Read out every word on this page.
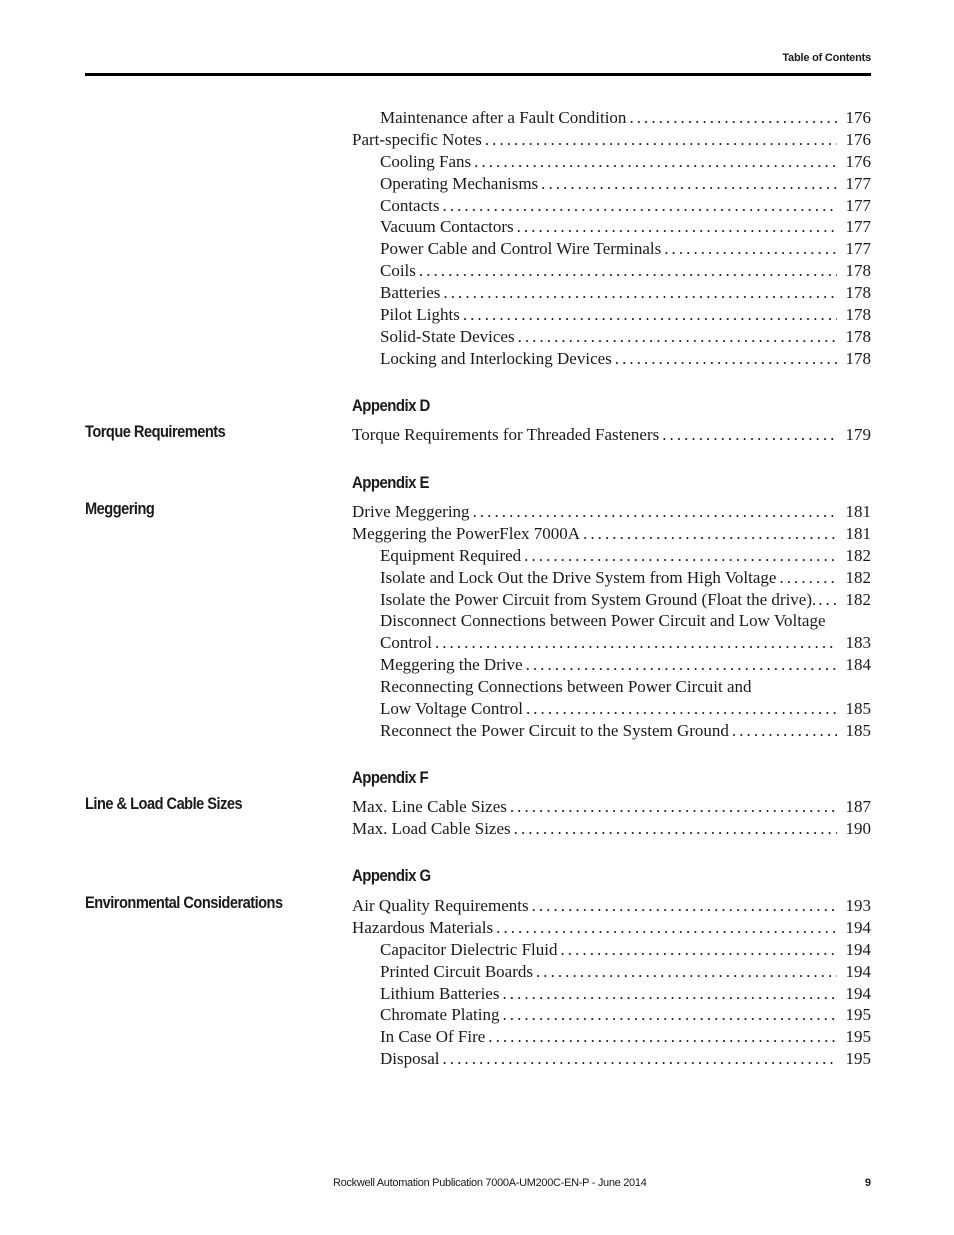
Table of Contents
Maintenance after a Fault Condition . . .	176
Part-specific Notes . . .	176
Cooling Fans . . .	176
Operating Mechanisms . . .	177
Contacts . . .	177
Vacuum Contactors . . .	177
Power Cable and Control Wire Terminals . . .	177
Coils . . .	178
Batteries . . .	178
Pilot Lights . . .	178
Solid-State Devices . . .	178
Locking and Interlocking Devices . . .	178
Appendix D
Torque Requirements	Torque Requirements for Threaded Fasteners . . .	179
Appendix E
Meggering	Drive Meggering . . .	181
Meggering the PowerFlex 7000A . . .	181
Equipment Required . . .	182
Isolate and Lock Out the Drive System from High Voltage . . .	182
Isolate the Power Circuit from System Ground (Float the drive). . . . 182
Disconnect Connections between Power Circuit and Low Voltage
Control . . .	183
Meggering the Drive . . .	184
Reconnecting Connections between Power Circuit and
Low Voltage Control . . .	185
Reconnect the Power Circuit to the System Ground . . .	185
Appendix F
Line & Load Cable Sizes	Max. Line Cable Sizes . . .	187
Max. Load Cable Sizes . . .	190
Appendix G
Environmental Considerations	Air Quality Requirements . . .	193
Hazardous Materials . . .	194
Capacitor Dielectric Fluid . . .	194
Printed Circuit Boards . . .	194
Lithium Batteries . . .	194
Chromate Plating . . .	195
In Case Of Fire . . .	195
Disposal . . .	195
Rockwell Automation Publication 7000A-UM200C-EN-P - June 2014	9
